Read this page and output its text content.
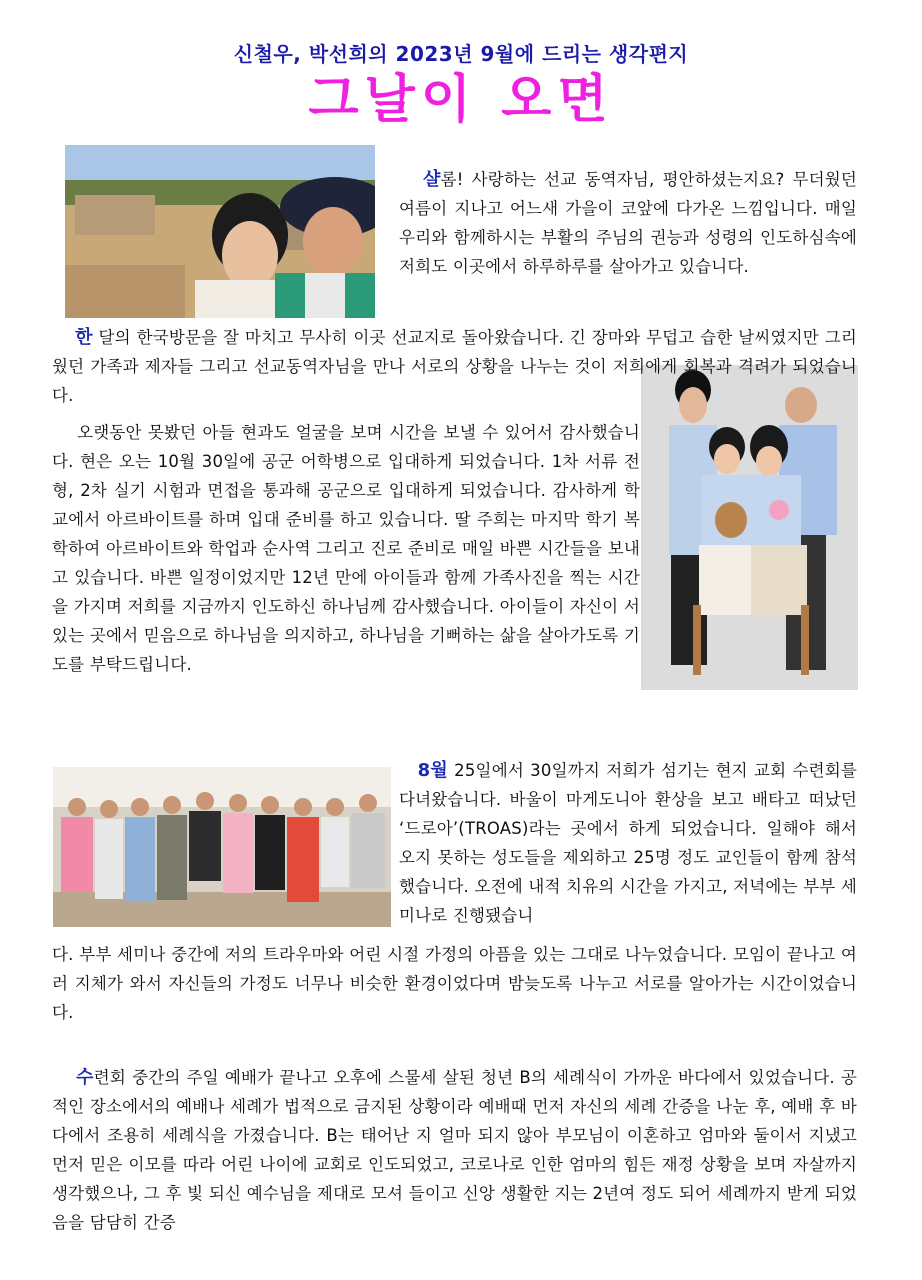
신철우, 박선희의 2023년 9월에 드리는 생각편지
그날이 오면

샬롬! 사랑하는 선교 동역자님, 평안하셨는지요? 무더웠던 여름이 지나고 어느새 가을이 코앞에 다가온 느낌입니다. 매일 우리와 함께하시는 부활의 주님의 권능과 성령의 인도하심속에 저희도 이곳에서 하루하루를 살아가고 있습니다.

한 달의 한국방문을 잘 마치고 무사히 이곳 선교지로 돌아왔습니다. 긴 장마와 무덥고 습한 날씨였지만 그리웠던 가족과 제자들 그리고 선교동역자님을 만나 서로의 상황을 나누는 것이 저희에게 회복과 격려가 되었습니다.

오랫동안 못봤던 아들 현과도 얼굴을 보며 시간을 보낼 수 있어서 감사했습니다. 현은 오는 10월 30일에 공군 어학병으로 입대하게 되었습니다. 1차 서류 전형, 2차 실기 시험과 면접을 통과해 공군으로 입대하게 되었습니다. 감사하게 학교에서 아르바이트를 하며 입대 준비를 하고 있습니다. 딸 주희는 마지막 학기 복학하여 아르바이트와 학업과 순사역 그리고 진로 준비로 매일 바쁜 시간들을 보내고 있습니다. 바쁜 일정이었지만 12년 만에 아이들과 함께 가족사진을 찍는 시간을 가지며 저희를 지금까지 인도하신 하나님께 감사했습니다. 아이들이 자신이 서 있는 곳에서 믿음으로 하나님을 의지하고, 하나님을 기뻐하는 삶을 살아가도록 기도를 부탁드립니다.

8월 25일에서 30일까지 저희가 섬기는 현지 교회 수련회를 다녀왔습니다. 바울이 마게도니아 환상을 보고 배타고 떠났던 ‘드로아’(TROAS)라는 곳에서 하게 되었습니다. 일해야 해서 오지 못하는 성도들을 제외하고 25명 정도 교인들이 함께 참석했습니다. 오전에 내적 치유의 시간을 가지고, 저녁에는 부부 세미나로 진행됐습니

다. 부부 세미나 중간에 저의 트라우마와 어린 시절 가정의 아픔을 있는 그대로 나누었습니다. 모임이 끝나고 여러 지체가 와서 자신들의 가정도 너무나 비슷한 환경이었다며 밤늦도록 나누고 서로를 알아가는 시간이었습니다.

수련회 중간의 주일 예배가 끝나고 오후에 스물세 살된 청년 B의 세례식이 가까운 바다에서 있었습니다. 공적인 장소에서의 예배나 세례가 법적으로 금지된 상황이라 예배때 먼저 자신의 세례 간증을 나눈 후, 예배 후 바다에서 조용히 세례식을 가졌습니다. B는 태어난 지 얼마 되지 않아 부모님이 이혼하고 엄마와 둘이서 지냈고 먼저 믿은 이모를 따라 어린 나이에 교회로 인도되었고, 코로나로 인한 엄마의 힘든 재정 상황을 보며 자살까지 생각했으나, 그 후 빛 되신 예수님을 제대로 모셔 들이고 신앙 생활한 지는 2년여 정도 되어 세례까지 받게 되었음을 담담히 간증
